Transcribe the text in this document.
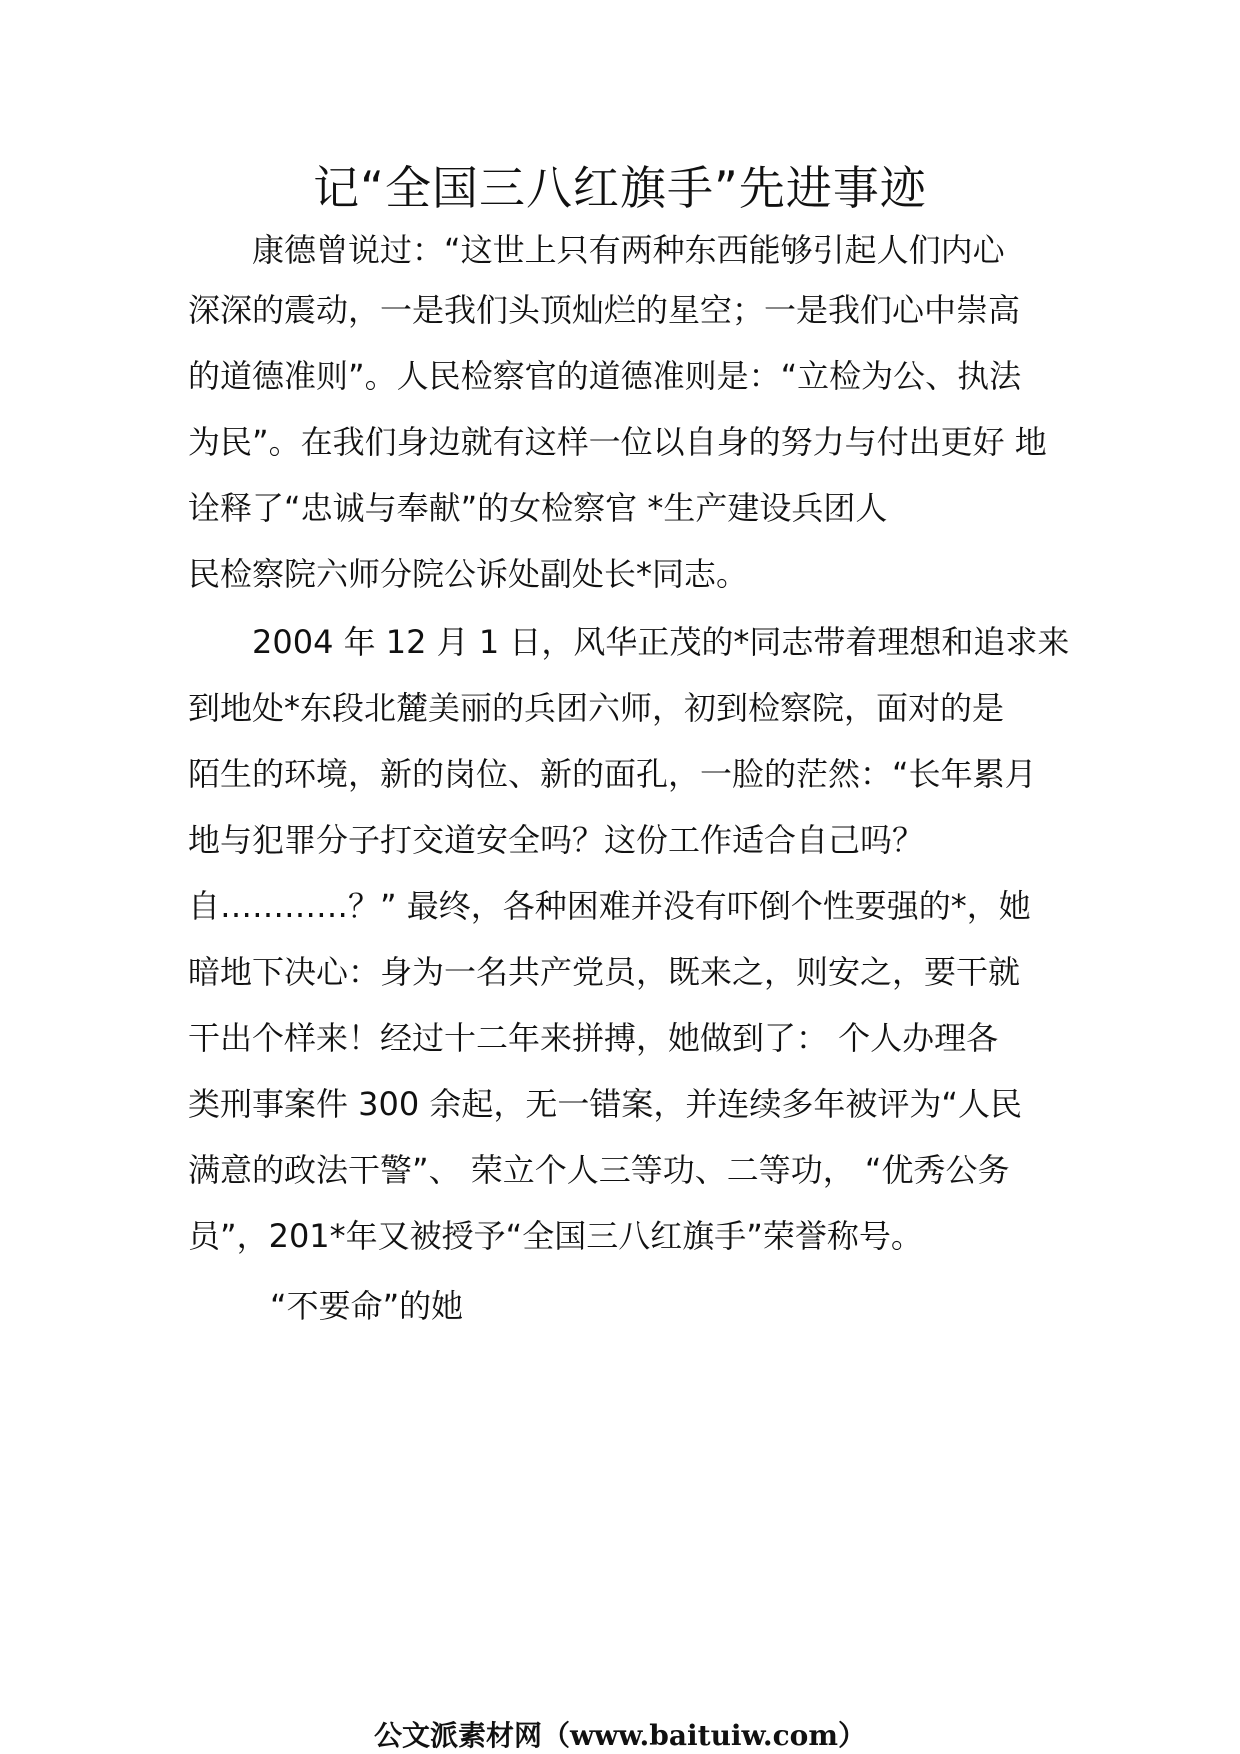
记“全国三八红旗手”先进事迹
康德曾说过：“这世上只有两种东西能够引起人们内心
深深的震动，一是我们头顶灿烂的星空；一是我们心中崇高
的道德准则”。人民检察官的道德准则是：“立检为公、执法
为民”。在我们身边就有这样一位以自身的努力与付出更好 地
诠释了“忠诚与奉献”的女检察官 *生产建设兵团人
民检察院六师分院公诉处副处长*同志。
2004 年 12 月 1 日，风华正茂的*同志带着理想和追求来
到地处*东段北麓美丽的兵团六师，初到检察院，面对的是
陌生的环境，新的岗位、新的面孔，一脸的茫然：“长年累月
地与犯罪分子打交道安全吗？这份工作适合自己吗？
自…………？” 最终，各种困难并没有吓倒个性要强的*，她
暗地下决心：身为一名共产党员，既来之，则安之，要干就
干出个样来！经过十二年来拼搏，她做到了： 个人办理各
类刑事案件 300 余起，无一错案，并连续多年被评为“人民
满意的政法干警”、 荣立个人三等功、二等功， “优秀公务
员”，201*年又被授予“全国三八红旗手”荣誉称号。
“不要命”的她
公文派素材网（www.baituiw.com）
